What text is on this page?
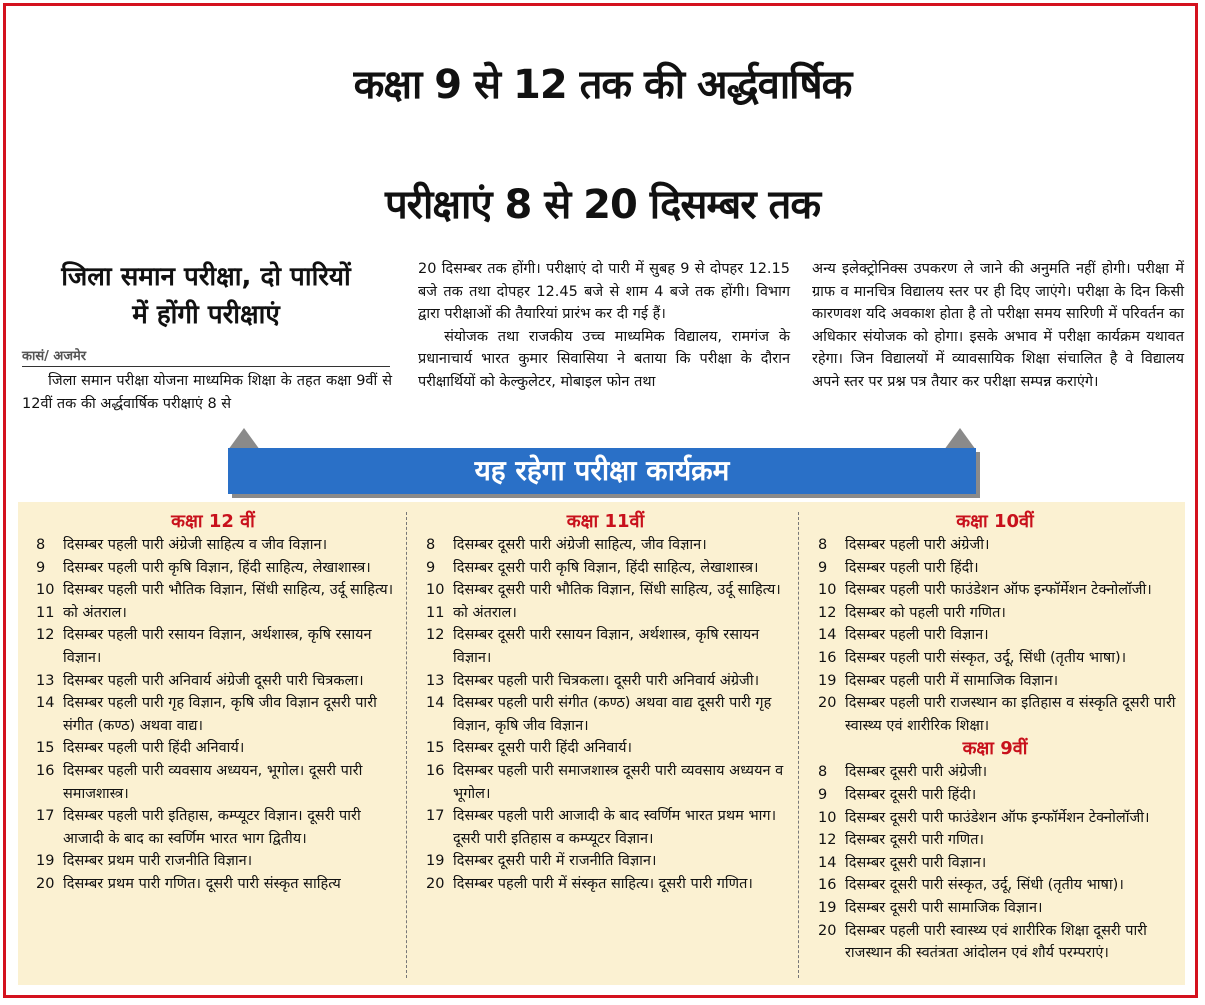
कक्षा 9 से 12 तक की अर्द्धवार्षिक
परीक्षाएं 8 से 20 दिसम्बर तक
जिला समान परीक्षा, दो पारियों
में होंगी परीक्षाएं
कासं/ अजमेर

जिला समान परीक्षा योजना माध्यमिक शिक्षा के तहत कक्षा 9वीं से 12वीं तक की अर्द्धवार्षिक परीक्षाएं 8 से

20 दिसम्बर तक होंगी। परीक्षाएं दो पारी में सुबह 9 से दोपहर 12.15 बजे तक तथा दोपहर 12.45 बजे से शाम 4 बजे तक होंगी। विभाग द्वारा परीक्षाओं की तैयारियां प्रारंभ कर दी गई हैं।

संयोजक तथा राजकीय उच्च माध्यमिक विद्यालय, रामगंज के प्रधानाचार्य भारत कुमार सिवासिया ने बताया कि परीक्षा के दौरान परीक्षार्थियों को केल्कुलेटर, मोबाइल फोन तथा

अन्य इलेक्ट्रोनिक्स उपकरण ले जाने की अनुमति नहीं होगी। परीक्षा में ग्राफ व मानचित्र विद्यालय स्तर पर ही दिए जाएंगे। परीक्षा के दिन किसी कारणवश यदि अवकाश होता है तो परीक्षा समय सारिणी में परिवर्तन का अधिकार संयोजक को होगा। इसके अभाव में परीक्षा कार्यक्रम यथावत रहेगा। जिन विद्यालयों में व्यावसायिक शिक्षा संचालित है वे विद्यालय अपने स्तर पर प्रश्न पत्र तैयार कर परीक्षा सम्पन्न कराएंगे।

यह रहेगा परीक्षा कार्यक्रम
कक्षा 12 वीं
8	दिसम्बर पहली पारी अंग्रेजी साहित्य व जीव विज्ञान।
9	दिसम्बर पहली पारी कृषि विज्ञान, हिंदी साहित्य, लेखाशास्त्र।
10 दिसम्बर पहली पारी भौतिक विज्ञान, सिंधी साहित्य, उर्दू साहित्य।
11 को अंतराल।
12 दिसम्बर पहली पारी रसायन विज्ञान, अर्थशास्त्र, कृषि रसायन विज्ञान।
13 दिसम्बर पहली पारी अनिवार्य अंग्रेजी दूसरी पारी चित्रकला।
14 दिसम्बर पहली पारी गृह विज्ञान, कृषि जीव विज्ञान दूसरी पारी संगीत (कण्ठ) अथवा वाद्य।
15 दिसम्बर पहली पारी हिंदी अनिवार्य।
16 दिसम्बर पहली पारी व्यवसाय अध्ययन, भूगोल। दूसरी पारी समाजशास्त्र।
17 दिसम्बर पहली पारी इतिहास, कम्प्यूटर विज्ञान। दूसरी पारी आजादी के बाद का स्वर्णिम भारत भाग द्वितीय।
19 दिसम्बर प्रथम पारी राजनीति विज्ञान।
20 दिसम्बर प्रथम पारी गणित। दूसरी पारी संस्कृत साहित्य
कक्षा 11वीं
8	दिसम्बर दूसरी पारी अंग्रेजी साहित्य, जीव विज्ञान।
9	दिसम्बर दूसरी पारी कृषि विज्ञान, हिंदी साहित्य, लेखाशास्त्र।
10 दिसम्बर दूसरी पारी भौतिक विज्ञान, सिंधी साहित्य, उर्दू साहित्य।
11 को अंतराल।
12 दिसम्बर दूसरी पारी रसायन विज्ञान, अर्थशास्त्र, कृषि रसायन विज्ञान।
13 दिसम्बर पहली पारी चित्रकला। दूसरी पारी अनिवार्य अंग्रेजी।
14 दिसम्बर पहली पारी संगीत (कण्ठ) अथवा वाद्य दूसरी पारी गृह विज्ञान, कृषि जीव विज्ञान।
15 दिसम्बर दूसरी पारी हिंदी अनिवार्य।
16 दिसम्बर पहली पारी समाजशास्त्र दूसरी पारी व्यवसाय अध्ययन व भूगोल।
17 दिसम्बर पहली पारी आजादी के बाद स्वर्णिम भारत प्रथम भाग। दूसरी पारी इतिहास व कम्प्यूटर विज्ञान।
19 दिसम्बर दूसरी पारी में राजनीति विज्ञान।
20 दिसम्बर पहली पारी में संस्कृत साहित्य। दूसरी पारी गणित।
कक्षा 10वीं
8	दिसम्बर पहली पारी अंग्रेजी।
9	दिसम्बर पहली पारी हिंदी।
10 दिसम्बर पहली पारी फाउंडेशन ऑफ इन्फॉर्मेशन टेक्नोलॉजी।
12 दिसम्बर को पहली पारी गणित।
14 दिसम्बर पहली पारी विज्ञान।
16 दिसम्बर पहली पारी संस्कृत, उर्दू, सिंधी (तृतीय भाषा)।
19 दिसम्बर पहली पारी में सामाजिक विज्ञान।
20 दिसम्बर पहली पारी राजस्थान का इतिहास व संस्कृति दूसरी पारी स्वास्थ्य एवं शारीरिक शिक्षा।
कक्षा 9वीं
8	दिसम्बर दूसरी पारी अंग्रेजी।
9	दिसम्बर दूसरी पारी हिंदी।
10 दिसम्बर दूसरी पारी फाउंडेशन ऑफ इन्फॉर्मेशन टेक्नोलॉजी।
12 दिसम्बर दूसरी पारी गणित।
14 दिसम्बर दूसरी पारी विज्ञान।
16 दिसम्बर दूसरी पारी संस्कृत, उर्दू, सिंधी (तृतीय भाषा)।
19 दिसम्बर दूसरी पारी सामाजिक विज्ञान।
20 दिसम्बर पहली पारी स्वास्थ्य एवं शारीरिक शिक्षा दूसरी पारी राजस्थान की स्वतंत्रता आंदोलन एवं शौर्य परम्पराएं।
